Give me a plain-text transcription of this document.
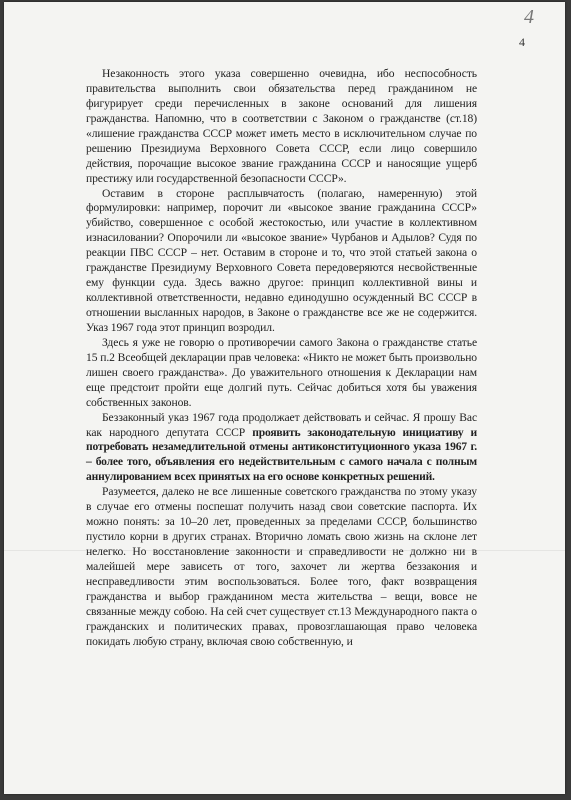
4
4

Незаконность этого указа совершенно очевидна, ибо неспособность правительства выполнить свои обязательства перед гражданином не фигурирует среди перечисленных в законе оснований для лишения гражданства. Напомню, что в соответствии с Законом о гражданстве (ст.18) «лишение гражданства СССР может иметь место в исключительном случае по решению Президиума Верховного Совета СССР, если лицо совершило действия, порочащие высокое звание гражданина СССР и наносящие ущерб престижу или государственной безопасности СССР».

Оставим в стороне расплывчатость (полагаю, намеренную) этой формулировки: например, порочит ли «высокое звание гражданина СССР» убийство, совершенное с особой жестокостью, или участие в коллективном изнасиловании? Опорочили ли «высокое звание» Чурбанов и Адылов? Судя по реакции ПВС СССР – нет. Оставим в стороне и то, что этой статьей закона о гражданстве Президиуму Верховного Совета передоверяются несвойственные ему функции суда. Здесь важно другое: принцип коллективной вины и коллективной ответственности, недавно единодушно осужденный ВС СССР в отношении высланных народов, в Законе о гражданстве все же не содержится. Указ 1967 года этот принцип возродил.

Здесь я уже не говорю о противоречии самого Закона о гражданстве статье 15 п.2 Всеобщей декларации прав человека: «Никто не может быть произвольно лишен своего гражданства». До уважительного отношения к Декларации нам еще предстоит пройти еще долгий путь. Сейчас добиться хотя бы уважения собственных законов.

Беззаконный указ 1967 года продолжает действовать и сейчас. Я прошу Вас как народного депутата СССР проявить законодательную инициативу и потребовать незамедлительной отмены антиконституционного указа 1967 г. – более того, объявления его недействительным с самого начала с полным аннулированием всех принятых на его основе конкретных решений.

Разумеется, далеко не все лишенные советского гражданства по этому указу в случае его отмены поспешат получить назад свои советские паспорта. Их можно понять: за 10–20 лет, проведенных за пределами СССР, большинство пустило корни в других странах. Вторично ломать свою жизнь на склоне лет нелегко. Но восстановление законности и справедливости не должно ни в малейшей мере зависеть от того, захочет ли жертва беззакония и несправедливости этим воспользоваться. Более того, факт возвращения гражданства и выбор гражданином места жительства – вещи, вовсе не связанные между собою. На сей счет существует ст.13 Международного пакта о гражданских и политических правах, провозглашающая право человека покидать любую страну, включая свою собственную, и
